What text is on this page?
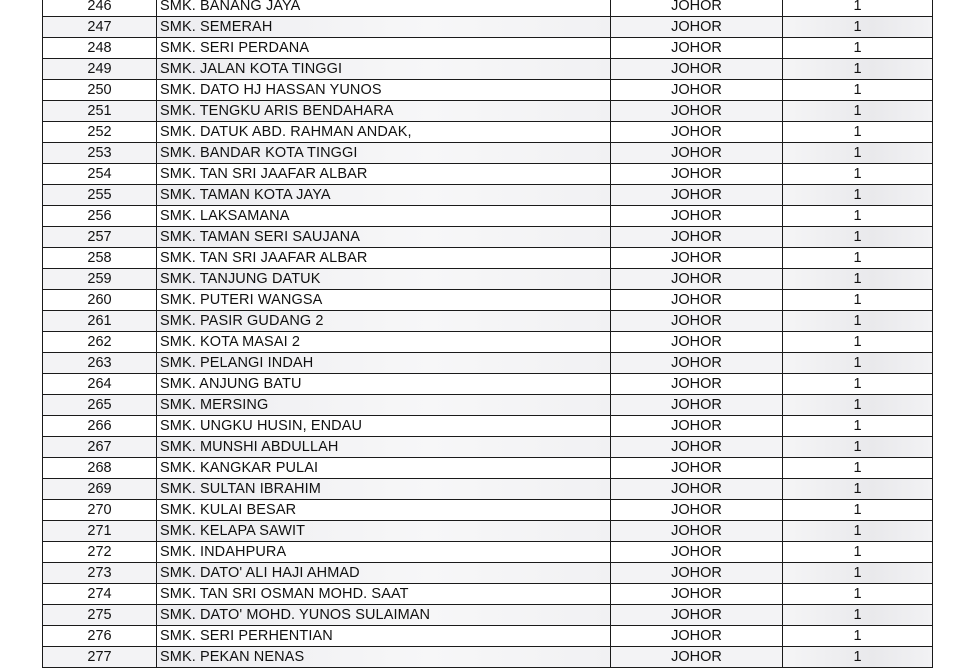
246	SMK. BANANG JAYA	JOHOR	1
247	SMK. SEMERAH	JOHOR	1
248	SMK. SERI PERDANA	JOHOR	1
249	SMK. JALAN KOTA TINGGI	JOHOR	1
250	SMK. DATO HJ HASSAN YUNOS	JOHOR	1
251	SMK. TENGKU ARIS BENDAHARA	JOHOR	1
252	SMK. DATUK ABD. RAHMAN ANDAK,	JOHOR	1
253	SMK. BANDAR KOTA TINGGI	JOHOR	1
254	SMK. TAN SRI JAAFAR ALBAR	JOHOR	1
255	SMK. TAMAN KOTA JAYA	JOHOR	1
256	SMK. LAKSAMANA	JOHOR	1
257	SMK. TAMAN SERI SAUJANA	JOHOR	1
258	SMK. TAN SRI JAAFAR ALBAR	JOHOR	1
259	SMK. TANJUNG DATUK	JOHOR	1
260	SMK. PUTERI WANGSA	JOHOR	1
261	SMK. PASIR GUDANG 2	JOHOR	1
262	SMK. KOTA MASAI 2	JOHOR	1
263	SMK. PELANGI INDAH	JOHOR	1
264	SMK. ANJUNG BATU	JOHOR	1
265	SMK. MERSING	JOHOR	1
266	SMK. UNGKU HUSIN, ENDAU	JOHOR	1
267	SMK. MUNSHI ABDULLAH	JOHOR	1
268	SMK. KANGKAR PULAI	JOHOR	1
269	SMK. SULTAN IBRAHIM	JOHOR	1
270	SMK. KULAI BESAR	JOHOR	1
271	SMK. KELAPA SAWIT	JOHOR	1
272	SMK. INDAHPURA	JOHOR	1
273	SMK. DATO' ALI HAJI AHMAD	JOHOR	1
274	SMK. TAN SRI OSMAN MOHD. SAAT	JOHOR	1
275	SMK. DATO' MOHD. YUNOS SULAIMAN	JOHOR	1
276	SMK. SERI PERHENTIAN	JOHOR	1
277	SMK. PEKAN NENAS	JOHOR	1
